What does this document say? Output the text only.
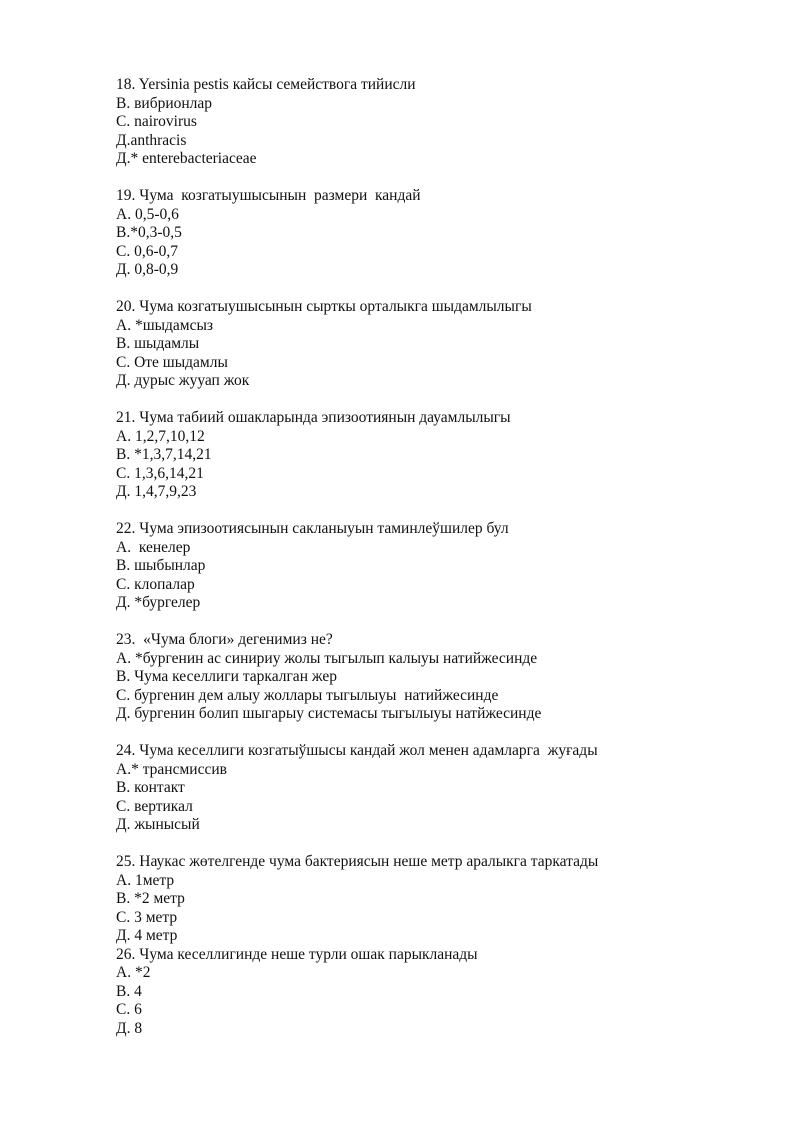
18. Yersinia pestis кайсы семействога тийисли
B. вибрионлар
C. nairovirus
Д.anthracis
Д.* enterebacteriaceae
19. Чума  козгатыушысынын  размери  кандай
A. 0,5-0,6
B.*0,3-0,5
C. 0,6-0,7
Д. 0,8-0,9
20. Чума козгатыушысынын сырткы орталыкга шыдамлылыгы
A. *шыдамсыз
B. шыдамлы
C. Оте шыдамлы
Д. дурыс жууап жок
21. Чума табиий ошакларында эпизоотиянын дауамлылыгы
A. 1,2,7,10,12
B. *1,3,7,14,21
C. 1,3,6,14,21
Д. 1,4,7,9,23
22. Чума эпизоотиясынын сакланыуын таминлеўшилер бул
A.  кенелер
B. шыбынлар
C. клопалар
Д. *бургелер
23.  «Чума блоги» дегенимиз не?
A. *бургенин ас синириу жолы тыгылып калыуы натийжесинде
B. Чума кеселлиги таркалган жер
C. бургенин дем алыу жоллары тыгылыуы  натийжесинде
Д. бургенин болип шыгарыу системасы тыгылыуы натйжесинде
24. Чума кеселлиги козгатыўшысы кандай жол менен адамларга  жуғады
A.* трансмиссив
B. контакт
C. вертикал
Д. жынысый
25. Наукас жөтелгенде чума бактериясын неше метр аралыкга таркатады
A. 1метр
B. *2 метр
C. 3 метр
Д. 4 метр
26. Чума кеселлигинде неше турли ошак парыкланады
A. *2
B. 4
C. 6
Д. 8
